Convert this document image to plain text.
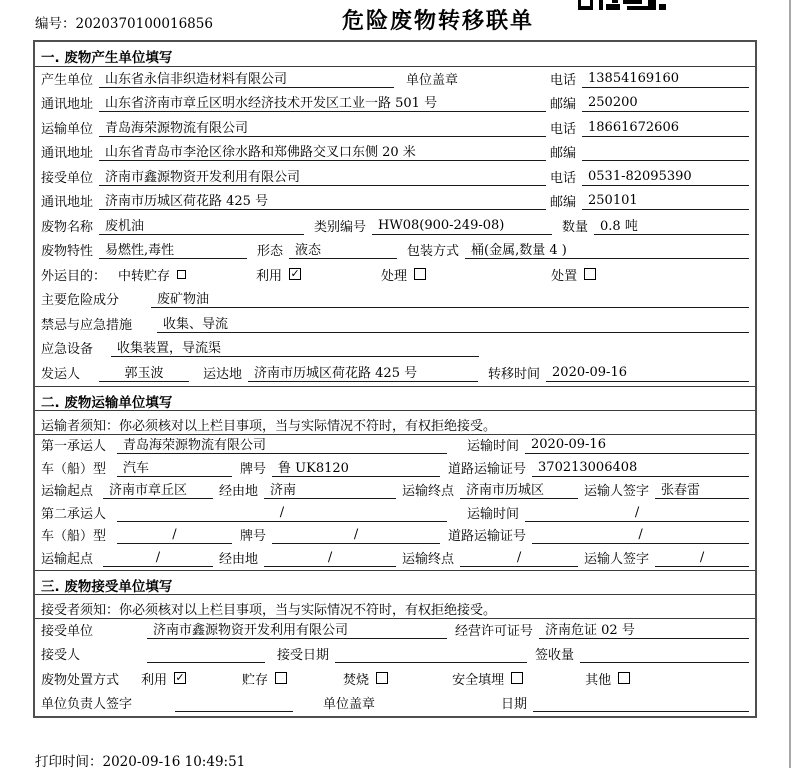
编号：2020370100016856	危险废物转移联单
一. 废物产生单位填写
产生单位 山东省永信非织造材料有限公司	单位盖章	电话 13854169160
通讯地址 山东省济南市章丘区明水经济技术开发区工业一路 501 号	邮编 250200
运输单位 青岛海荣源物流有限公司	电话 18661672606
通讯地址 山东省青岛市李沧区徐水路和郑佛路交叉口东侧 20 米	邮编
接受单位 济南市鑫源物资开发利用有限公司	电话 0531-82095390
通讯地址 济南市历城区荷花路 425 号	邮编 250101
废物名称 废机油	类别编号 HW08(900-249-08)	数量 0.8 吨
废物特性 易燃性,毒性	形态 液态	包装方式 桶(金属,数量 4 )
外运目的： 中转贮存	利用 ✓	处理	处置
主要危险成分	废矿物油
禁忌与应急措施	收集、导流
应急设备	收集装置，导流渠
发运人	郭玉波	运达地 济南市历城区荷花路 425 号	转移时间 2020-09-16
二. 废物运输单位填写
运输者须知：你必须核对以上栏目事项，当与实际情况不符时，有权拒绝接受。
第一承运人	青岛海荣源物流有限公司	运输时间 2020-09-16
车（船）型	汽车	牌号 鲁 UK8120	道路运输证号 370213006408
运输起点	济南市章丘区	经由地 济南	运输终点 济南市历城区	运输人签字 张春雷
第二承运人	/	运输时间	/
车（船）型	/	牌号	/	道路运输证号	/
运输起点	/	经由地	/	运输终点	/	运输人签字	/
三. 废物接受单位填写
接受者须知：你必须核对以上栏目事项，当与实际情况不符时，有权拒绝接受。
接受单位	济南市鑫源物资开发利用有限公司	经营许可证号 济南危证 02 号
接受人	接受日期	签收量
废物处置方式 利用 ✓	贮存	焚烧	安全填埋	其他
单位负责人签字	单位盖章	日期
打印时间：2020-09-16 10:49:51
